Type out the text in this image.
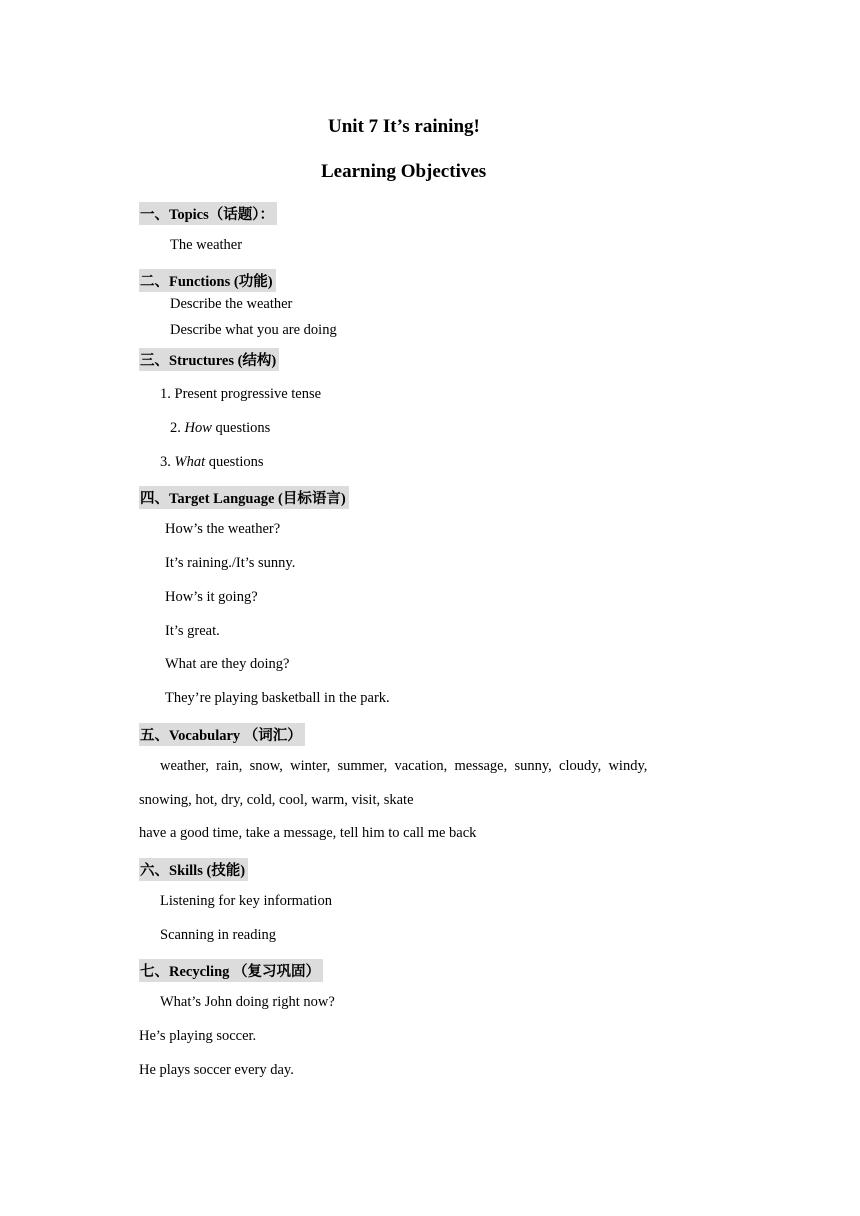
Unit 7 It’s raining!
Learning Objectives
一、Topics（话题）：
The weather
二、Functions (功能)
Describe the weather
Describe what you are doing
三、Structures (结构)
1. Present progressive tense
2. How questions
3. What questions
四、Target Language (目标语言)
How’s the weather?
It’s raining./It’s sunny.
How’s it going?
It’s great.
What are they doing?
They’re playing basketball in the park.
五、Vocabulary （词汇）
weather,  rain,  snow,  winter,  summer,  vacation,  message,  sunny,  cloudy,  windy,
snowing, hot, dry, cold, cool, warm, visit, skate
have a good time, take a message, tell him to call me back
六、Skills (技能)
Listening for key information
Scanning in reading
七、Recycling （复习巩固）
What’s John doing right now?
He’s playing soccer.
He plays soccer every day.
